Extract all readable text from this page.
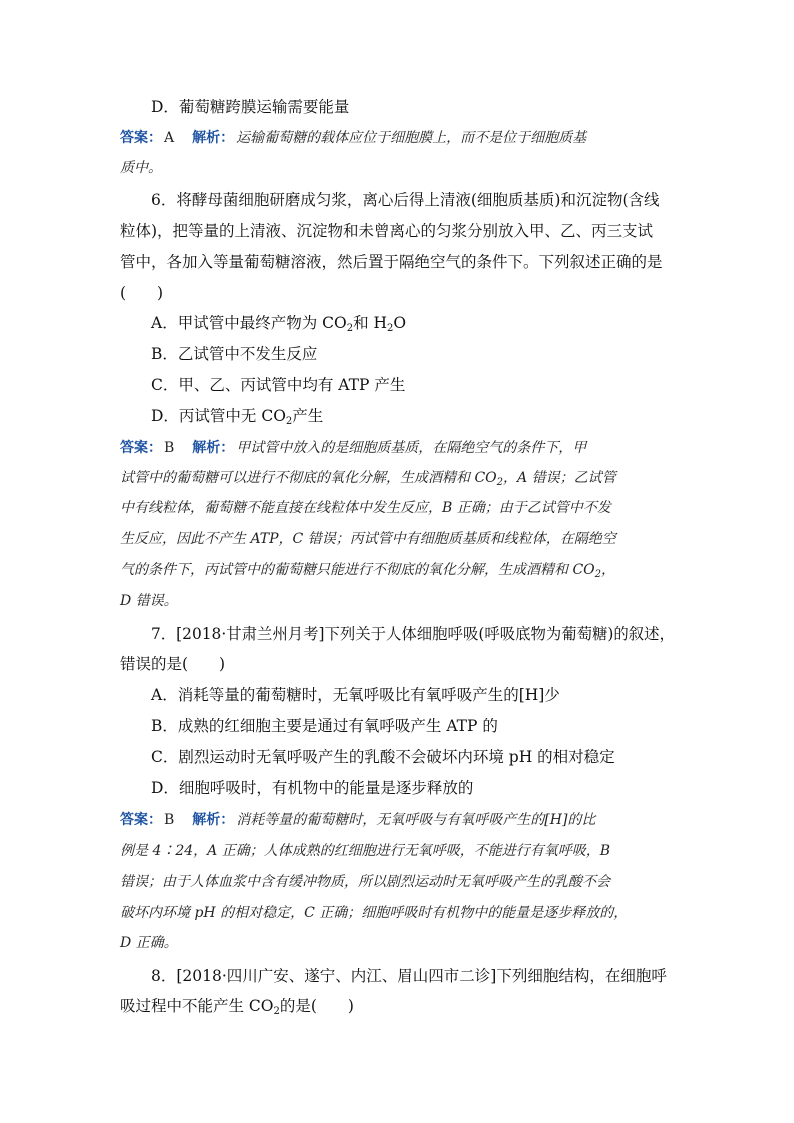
D．葡萄糖跨膜运输需要能量
答案： A 解析： 运输葡萄糖的载体应位于细胞膜上，而不是位于细胞质基
质中。
6．将酵母菌细胞研磨成匀浆，离心后得上清液(细胞质基质)和沉淀物(含线
粒体)，把等量的上清液、沉淀物和未曾离心的匀浆分别放入甲、乙、丙三支试
管中，各加入等量葡萄糖溶液，然后置于隔绝空气的条件下。下列叙述正确的是
(　　)
A．甲试管中最终产物为 $CO_2$和 $H_2O$
B．乙试管中不发生反应
C．甲、乙、丙试管中均有 ATP 产生
D．丙试管中无 $CO_2$产生
答案： B 解析： 甲试管中放入的是细胞质基质，在隔绝空气的条件下，甲
试管中的葡萄糖可以进行不彻底的氧化分解，生成酒精和 $CO_2$，A 错误；乙试管
中有线粒体，葡萄糖不能直接在线粒体中发生反应，B 正确；由于乙试管中不发
生反应，因此不产生 ATP，C 错误；丙试管中有细胞质基质和线粒体，在隔绝空
气的条件下，丙试管中的葡萄糖只能进行不彻底的氧化分解，生成酒精和 $CO_2$，
D 错误。
7．[2018·甘肃兰州月考]下列关于人体细胞呼吸(呼吸底物为葡萄糖)的叙述，
错误的是(　　)
A．消耗等量的葡萄糖时，无氧呼吸比有氧呼吸产生的[H]少
B．成熟的红细胞主要是通过有氧呼吸产生 ATP 的
C．剧烈运动时无氧呼吸产生的乳酸不会破坏内环境 pH 的相对稳定
D．细胞呼吸时，有机物中的能量是逐步释放的
答案： B 解析： 消耗等量的葡萄糖时，无氧呼吸与有氧呼吸产生的[H]的比
例是 4∶24，A 正确；人体成熟的红细胞进行无氧呼吸，不能进行有氧呼吸，B
错误；由于人体血浆中含有缓冲物质，所以剧烈运动时无氧呼吸产生的乳酸不会
破坏内环境 pH 的相对稳定，C 正确；细胞呼吸时有机物中的能量是逐步释放的，
D 正确。
8．[2018·四川广安、遂宁、内江、眉山四市二诊]下列细胞结构，在细胞呼
吸过程中不能产生 $CO_2$的是(　　)
